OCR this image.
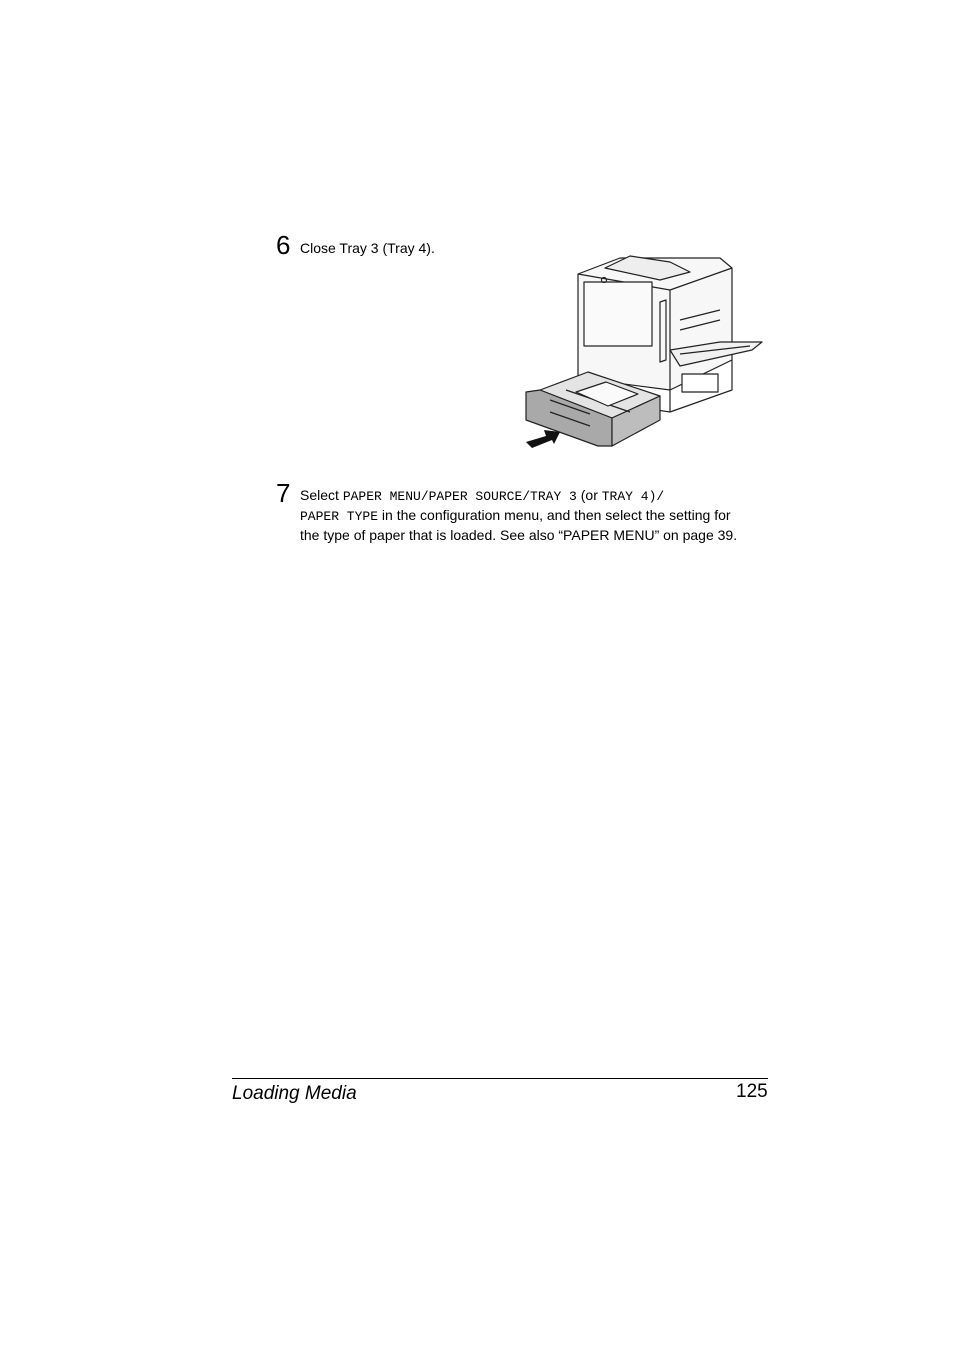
6 Close Tray 3 (Tray 4).
7 Select PAPER MENU/PAPER SOURCE/TRAY 3 (or TRAY 4)/
PAPER TYPE in the configuration menu, and then select the setting for
the type of paper that is loaded. See also “PAPER MENU” on page 39.
Loading Media	125
